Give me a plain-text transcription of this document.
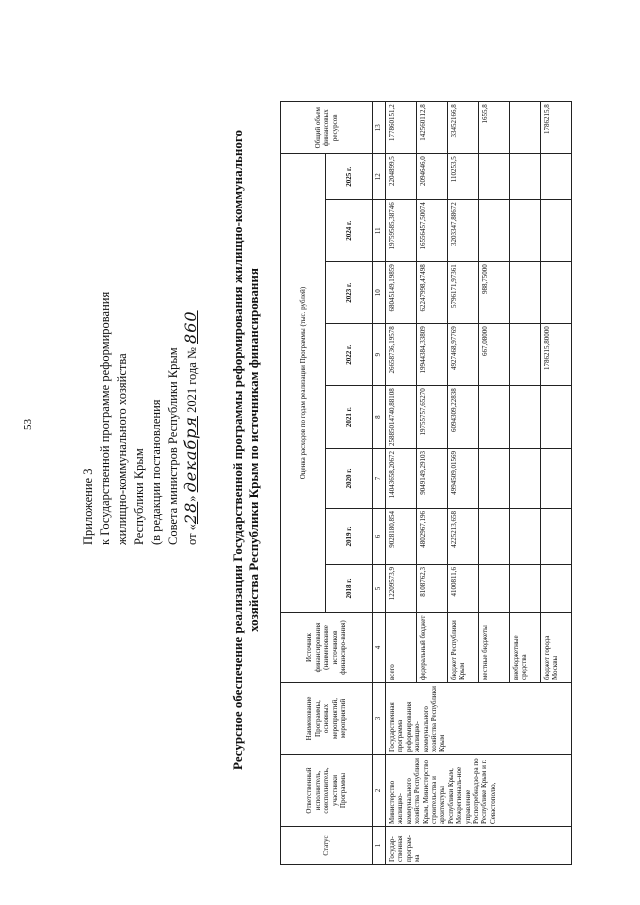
53
Приложение 3 к Государственной программе реформирования жилищно-коммунального хозяйства Республики Крым (в редакции постановления Совета министров Республики Крым от «28» декабря 2021 года № 860 Ресурсное обеспечение реализации Государственной программы реформирования жилищно-коммунального хозяйства Республики Крым по источникам финансирования
Статус	Ответственный исполнитель, соисполнитель, участники Программы	Наименование Программы, основных мероприятий, мероприятий	Источник финансирования (наименование источников финансиро-вания)	Оценка расходов по годам реализации Программы (тыс. рублей)								Общий объем финансовых ресурсов
				2018 г.	2019 г.	2020 г.	2021 г.	2022 г.	2023 г.	2024 г.	2025 г.	
1	2	3	4	5	6	7	8	9	10	11	12	13
Государ-ственная програм-ма	Министерство жилищно-коммунального хозяйства Республики Крым, Министерство строительства и архитектуры Республики Крым, Межрегиональ-ное управление Роспотребнадзо-ра по Республике Крым и г. Севастополю,	Государственная программа реформирования жилищно-коммунального хозяйства Республики Крым	всего	12209573,9	9028180,854	14043658,20672	25885014740,88108	26658736,19578	68045149,19859	19759585,38746	2204899,5	177860151,2
			федеральный бюджет	8108762,3	4802967,196	9049149,29103	19755757,65270	19944384,33809	62247998,47498	16556457,50074	2094646,0	142560112,8
			бюджет Республики Крым	4100811,6	4225213,658	4994509,01569	6094309,22838	4927468,97769	5796171,97361	3203347,88672	110253,5	33452166,8
			местные бюджеты					667,08000	988,75000			1655,8
			внебюджетные средства									
			бюджет города Москвы					1786215,80000				1786215,8
